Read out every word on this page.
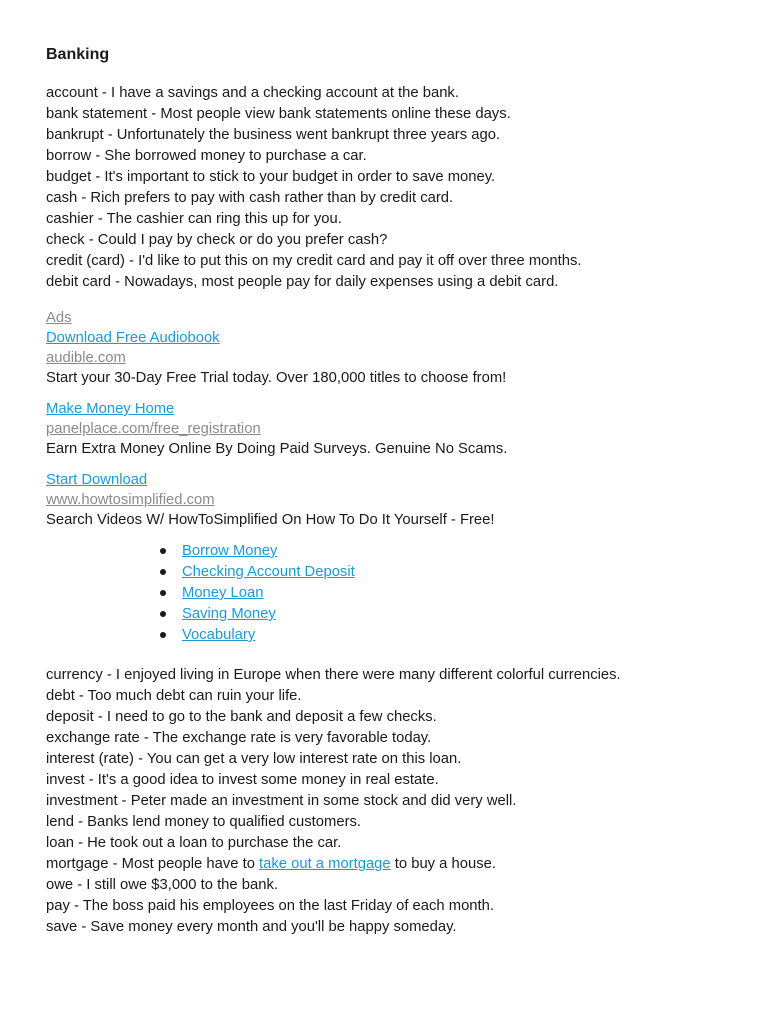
Banking
account - I have a savings and a checking account at the bank.
bank statement - Most people view bank statements online these days.
bankrupt - Unfortunately the business went bankrupt three years ago.
borrow - She borrowed money to purchase a car.
budget - It's important to stick to your budget in order to save money.
cash - Rich prefers to pay with cash rather than by credit card.
cashier - The cashier can ring this up for you.
check - Could I pay by check or do you prefer cash?
credit (card) - I'd like to put this on my credit card and pay it off over three months.
debit card - Nowadays, most people pay for daily expenses using a debit card.
Ads
Download Free Audiobook
audible.com
Start your 30-Day Free Trial today. Over 180,000 titles to choose from!
Make Money Home
panelplace.com/free_registration
Earn Extra Money Online By Doing Paid Surveys. Genuine No Scams.
Start Download
www.howtosimplified.com
Search Videos W/ HowToSimplified On How To Do It Yourself - Free!
Borrow Money
Checking Account Deposit
Money Loan
Saving Money
Vocabulary
currency - I enjoyed living in Europe when there were many different colorful currencies.
debt - Too much debt can ruin your life.
deposit - I need to go to the bank and deposit a few checks.
exchange rate - The exchange rate is very favorable today.
interest (rate) - You can get a very low interest rate on this loan.
invest - It's a good idea to invest some money in real estate.
investment - Peter made an investment in some stock and did very well.
lend - Banks lend money to qualified customers.
loan - He took out a loan to purchase the car.
mortgage - Most people have to take out a mortgage to buy a house.
owe - I still owe $3,000 to the bank.
pay - The boss paid his employees on the last Friday of each month.
save - Save money every month and you'll be happy someday.
